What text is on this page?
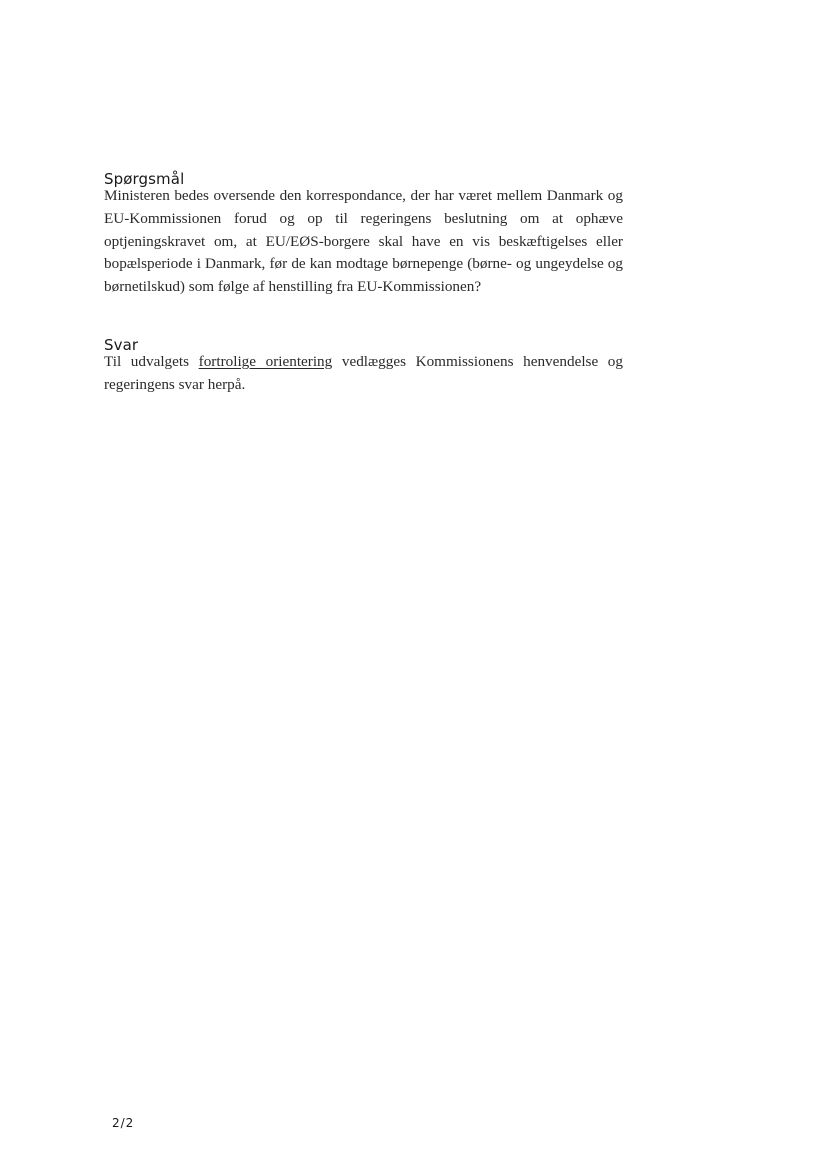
Spørgsmål

Ministeren bedes oversende den korrespondance, der har været mellem Danmark og EU-Kommissionen forud og op til regeringens beslutning om at ophæve optjeningskravet om, at EU/EØS-borgere skal have en vis beskæftigelses eller bopælsperiode i Danmark, før de kan modtage børnepenge (børne- og ungeydelse og børnetilskud) som følge af henstilling fra EU-Kommissionen?

Svar

Til udvalgets fortrolige orientering vedlægges Kommissionens henvendelse og regeringens svar herpå.

2/2
